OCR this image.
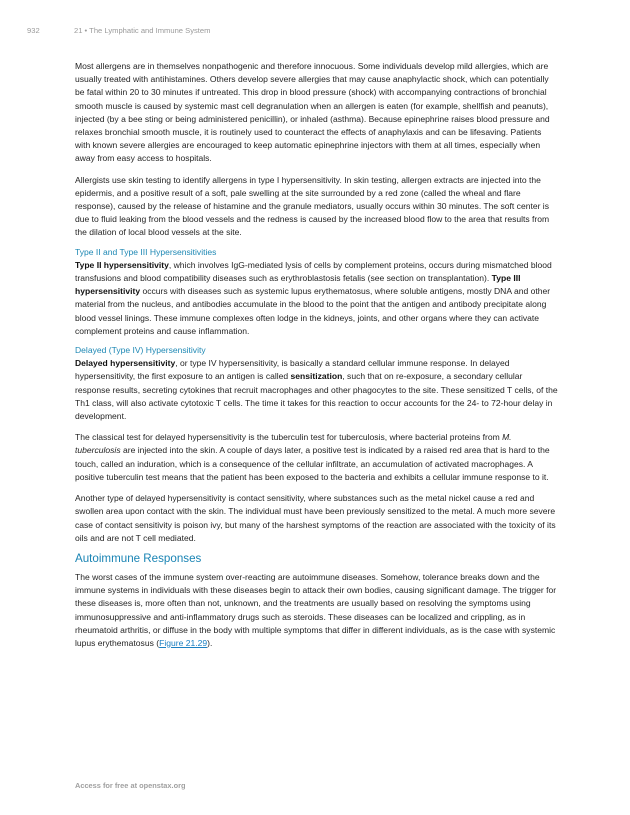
932	21 • The Lymphatic and Immune System

Most allergens are in themselves nonpathogenic and therefore innocuous. Some individuals develop mild allergies, which are usually treated with antihistamines. Others develop severe allergies that may cause anaphylactic shock, which can potentially be fatal within 20 to 30 minutes if untreated. This drop in blood pressure (shock) with accompanying contractions of bronchial smooth muscle is caused by systemic mast cell degranulation when an allergen is eaten (for example, shellfish and peanuts), injected (by a bee sting or being administered penicillin), or inhaled (asthma). Because epinephrine raises blood pressure and relaxes bronchial smooth muscle, it is routinely used to counteract the effects of anaphylaxis and can be lifesaving. Patients with known severe allergies are encouraged to keep automatic epinephrine injectors with them at all times, especially when away from easy access to hospitals.

Allergists use skin testing to identify allergens in type I hypersensitivity. In skin testing, allergen extracts are injected into the epidermis, and a positive result of a soft, pale swelling at the site surrounded by a red zone (called the wheal and flare response), caused by the release of histamine and the granule mediators, usually occurs within 30 minutes. The soft center is due to fluid leaking from the blood vessels and the redness is caused by the increased blood flow to the area that results from the dilation of local blood vessels at the site.

Type II and Type III Hypersensitivities

Type II hypersensitivity, which involves IgG-mediated lysis of cells by complement proteins, occurs during mismatched blood transfusions and blood compatibility diseases such as erythroblastosis fetalis (see section on transplantation). Type III hypersensitivity occurs with diseases such as systemic lupus erythematosus, where soluble antigens, mostly DNA and other material from the nucleus, and antibodies accumulate in the blood to the point that the antigen and antibody precipitate along blood vessel linings. These immune complexes often lodge in the kidneys, joints, and other organs where they can activate complement proteins and cause inflammation.

Delayed (Type IV) Hypersensitivity

Delayed hypersensitivity, or type IV hypersensitivity, is basically a standard cellular immune response. In delayed hypersensitivity, the first exposure to an antigen is called sensitization, such that on re-exposure, a secondary cellular response results, secreting cytokines that recruit macrophages and other phagocytes to the site. These sensitized T cells, of the Th1 class, will also activate cytotoxic T cells. The time it takes for this reaction to occur accounts for the 24- to 72-hour delay in development.

The classical test for delayed hypersensitivity is the tuberculin test for tuberculosis, where bacterial proteins from M. tuberculosis are injected into the skin. A couple of days later, a positive test is indicated by a raised red area that is hard to the touch, called an induration, which is a consequence of the cellular infiltrate, an accumulation of activated macrophages. A positive tuberculin test means that the patient has been exposed to the bacteria and exhibits a cellular immune response to it.

Another type of delayed hypersensitivity is contact sensitivity, where substances such as the metal nickel cause a red and swollen area upon contact with the skin. The individual must have been previously sensitized to the metal. A much more severe case of contact sensitivity is poison ivy, but many of the harshest symptoms of the reaction are associated with the toxicity of its oils and are not T cell mediated.

Autoimmune Responses

The worst cases of the immune system over-reacting are autoimmune diseases. Somehow, tolerance breaks down and the immune systems in individuals with these diseases begin to attack their own bodies, causing significant damage. The trigger for these diseases is, more often than not, unknown, and the treatments are usually based on resolving the symptoms using immunosuppressive and anti-inflammatory drugs such as steroids. These diseases can be localized and crippling, as in rheumatoid arthritis, or diffuse in the body with multiple symptoms that differ in different individuals, as is the case with systemic lupus erythematosus (Figure 21.29).

Access for free at openstax.org
